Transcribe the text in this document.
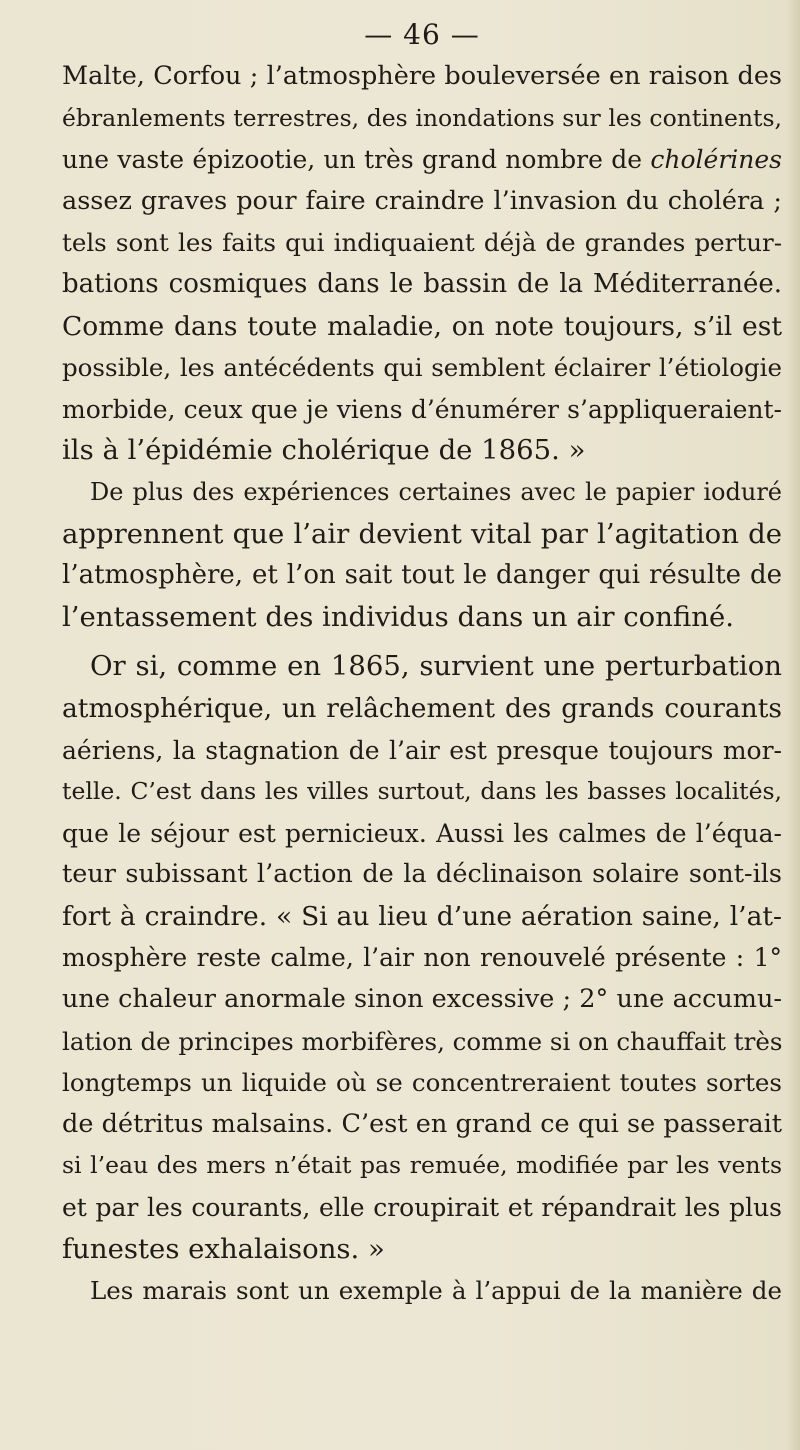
— 46 —
Malte, Corfou ; l’atmosphère bouleversée en raison des
ébranlements terrestres, des inondations sur les continents,
une vaste épizootie, un très grand nombre de cholérines
assez graves pour faire craindre l’invasion du choléra ;
tels sont les faits qui indiquaient déjà de grandes pertur-
bations cosmiques dans le bassin de la Méditerranée.
Comme dans toute maladie, on note toujours, s’il est
possible, les antécédents qui semblent éclairer l’étiologie
morbide, ceux que je viens d’énumérer s’appliqueraient-
ils à l’épidémie cholérique de 1865. »
De plus des expériences certaines avec le papier ioduré
apprennent que l’air devient vital par l’agitation de
l’atmosphère, et l’on sait tout le danger qui résulte de
l’entassement des individus dans un air confiné.
Or si, comme en 1865, survient une perturbation
atmosphérique, un relâchement des grands courants
aériens, la stagnation de l’air est presque toujours mor-
telle. C’est dans les villes surtout, dans les basses localités,
que le séjour est pernicieux. Aussi les calmes de l’équa-
teur subissant l’action de la déclinaison solaire sont-ils
fort à craindre. « Si au lieu d’une aération saine, l’at-
mosphère reste calme, l’air non renouvelé présente : 1°
une chaleur anormale sinon excessive ; 2° une accumu-
lation de principes morbifères, comme si on chauffait très
longtemps un liquide où se concentreraient toutes sortes
de détritus malsains. C’est en grand ce qui se passerait
si l’eau des mers n’était pas remuée, modifiée par les vents
et par les courants, elle croupirait et répandrait les plus
funestes exhalaisons. »
Les marais sont un exemple à l’appui de la manière de
